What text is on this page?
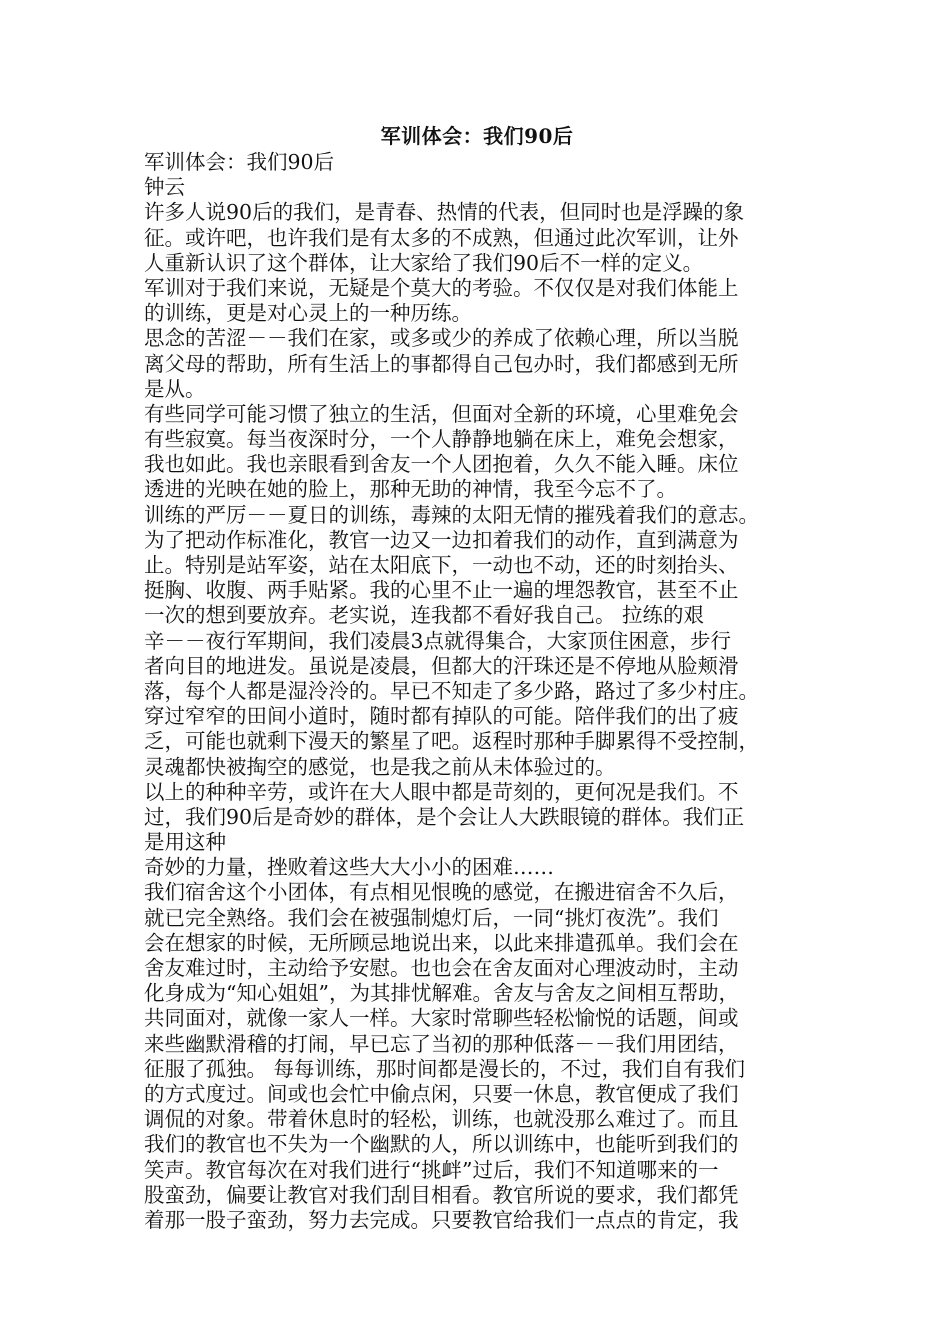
军训体会：我们90后
军训体会：我们90后
钟云
许多人说90后的我们，是青春、热情的代表，但同时也是浮躁的象
征。或许吧，也许我们是有太多的不成熟，但通过此次军训，让外
人重新认识了这个群体，让大家给了我们90后不一样的定义。
军训对于我们来说，无疑是个莫大的考验。不仅仅是对我们体能上
的训练，更是对心灵上的一种历练。
思念的苦涩－－我们在家，或多或少的养成了依赖心理，所以当脱
离父母的帮助，所有生活上的事都得自己包办时，我们都感到无所
是从。
有些同学可能习惯了独立的生活，但面对全新的环境，心里难免会
有些寂寞。每当夜深时分，一个人静静地躺在床上，难免会想家，
我也如此。我也亲眼看到舍友一个人团抱着，久久不能入睡。床位
透进的光映在她的脸上，那种无助的神情，我至今忘不了。
训练的严厉－－夏日的训练，毒辣的太阳无情的摧残着我们的意志。
为了把动作标准化，教官一边又一边扣着我们的动作，直到满意为
止。特别是站军姿，站在太阳底下，一动也不动，还的时刻抬头、
挺胸、收腹、两手贴紧。我的心里不止一遍的埋怨教官，甚至不止
一次的想到要放弃。老实说，连我都不看好我自己。 拉练的艰
辛－－夜行军期间，我们凌晨3点就得集合，大家顶住困意，步行
者向目的地进发。虽说是凌晨，但都大的汗珠还是不停地从脸颊滑
落，每个人都是湿泠泠的。早已不知走了多少路，路过了多少村庄。
穿过窄窄的田间小道时，随时都有掉队的可能。陪伴我们的出了疲
乏，可能也就剩下漫天的繁星了吧。返程时那种手脚累得不受控制，
灵魂都快被掏空的感觉，也是我之前从未体验过的。
以上的种种辛劳，或许在大人眼中都是苛刻的，更何况是我们。不
过，我们90后是奇妙的群体，是个会让人大跌眼镜的群体。我们正
是用这种
奇妙的力量，挫败着这些大大小小的困难……
我们宿舍这个小团体，有点相见恨晚的感觉，在搬进宿舍不久后，
就已完全熟络。我们会在被强制熄灯后，一同“挑灯夜洗”。我们
会在想家的时候，无所顾忌地说出来，以此来排遣孤单。我们会在
舍友难过时，主动给予安慰。也也会在舍友面对心理波动时，主动
化身成为“知心姐姐”，为其排忧解难。舍友与舍友之间相互帮助，
共同面对，就像一家人一样。大家时常聊些轻松愉悦的话题，间或
来些幽默滑稽的打闹，早已忘了当初的那种低落－－我们用团结，
征服了孤独。 每每训练，那时间都是漫长的，不过，我们自有我们
的方式度过。间或也会忙中偷点闲，只要一休息，教官便成了我们
调侃的对象。带着休息时的轻松，训练，也就没那么难过了。而且
我们的教官也不失为一个幽默的人，所以训练中，也能听到我们的
笑声。教官每次在对我们进行“挑衅”过后，我们不知道哪来的一
股蛮劲，偏要让教官对我们刮目相看。教官所说的要求，我们都凭
着那一股子蛮劲，努力去完成。只要教官给我们一点点的肯定，我
